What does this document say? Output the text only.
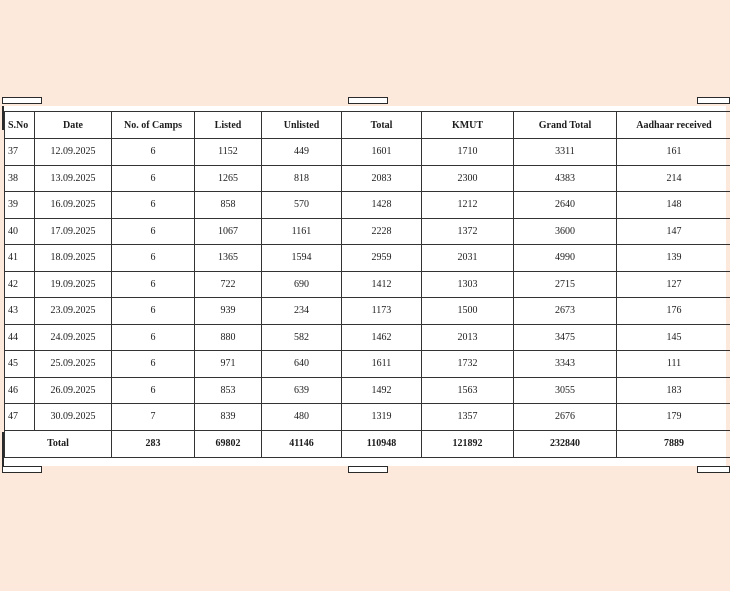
S.No	Date	No. of Camps	Listed	Unlisted	Total	KMUT	Grand Total	Aadhaar received
37	12.09.2025	6	1152	449	1601	1710	3311	161
38	13.09.2025	6	1265	818	2083	2300	4383	214
39	16.09.2025	6	858	570	1428	1212	2640	148
40	17.09.2025	6	1067	1161	2228	1372	3600	147
41	18.09.2025	6	1365	1594	2959	2031	4990	139
42	19.09.2025	6	722	690	1412	1303	2715	127
43	23.09.2025	6	939	234	1173	1500	2673	176
44	24.09.2025	6	880	582	1462	2013	3475	145
45	25.09.2025	6	971	640	1611	1732	3343	111
46	26.09.2025	6	853	639	1492	1563	3055	183
47	30.09.2025	7	839	480	1319	1357	2676	179
Total		283	69802	41146	110948	121892	232840	7889
